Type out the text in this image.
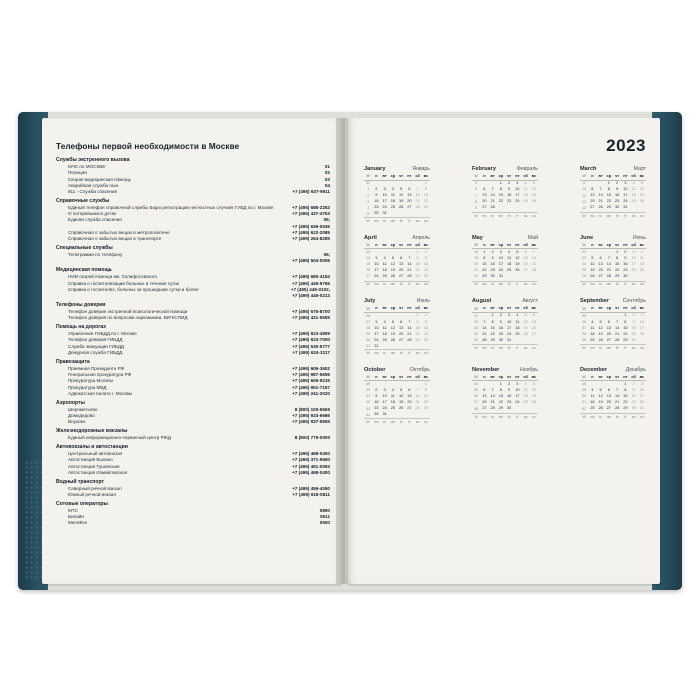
Телефоны первой необходимости в Москве
Службы экстренного вызова
МЧС по МОСКВЕ	01
Полиция	02
Скорая медицинская помощь	03
Аварийная служба газа	04
911 - Служба спасения	+7 (495) 937-9911
Справочные службы
Единый телефон справочной службы Бюро регистрации несчастных случаев ГУВД по г. Москве	+7 (495) 688-2252
О потерявшихся детях	+7 (495) 437-4753
Единая служба спасения	09,
+7 (495) 636-0636
Справочная о забытых вещах в метрополитене	+7 (495) 622-2085
Справочная о забытых вещах в транспорте	+7 (499) 264-8285
Специальные службы
Телеграмма по телефону	06,
+7 (495) 504-0006
Медицинская помощь
НИИ скорой помощи им. Склифосовского	+7 (495) 680-4154
Справка о госпитализации больных в течение суток	+7 (495) 445-5766
Справка о госпиталях, больных за прошедшие сутки и более	+7 (495) 445-0102,
+7 (499) 445-0213
Телефоны доверия
Телефон доверия экстренной психологической помощи	+7 (495) 575-8700
Телефон доверия по вопросам наркомании, ВИЧ/СПИД	+7 (495) 421-5555
Помощь на дорогах
Управление ГИБДД по г. Москве	+7 (495) 623-4909
Телефон доверия ГИБДД	+7 (495) 623-7000
Служба эвакуации ГИБДД	+7 (495) 530-5777
Дежурная служба ГИБДД	+7 (495) 624-3117
Правозащита
Приемная Президента РФ	+7 (495) 606-3602
Генеральная прокуратура РФ	+7 (495) 987-5656
Прокуратура Москвы	+7 (495) 606-9215
Прокуратура МВД	+7 (495) 951-7197
Адвокатская палата г. Москвы	+7 (499) 241-2020
Аэропорты
Шереметьево	8 (800) 100-6565
Домодедово	+7 (495) 933-6666
Внуково	+7 (495) 937-5555
Железнодорожные вокзалы
Единый информационно-сервисный центр РЖД	8 (800) 775-0000
Автовокзалы и автостанции
Центральный автовокзал	+7 (495) 468-0400
Автостанция Выхино	+7 (495) 371-9660
Автостанция Тушинская	+7 (495) 491-0093
Автостанция Измайловская	+7 (495) 468-0400
Водный транспорт
Северный речной вокзал	+7 (495) 459-4050
Южный речной вокзал	+7 (499) 618-0811
Сотовые операторы
МТС	0890
Билайн	0611
МегаФон	0500
2023
January	Январь
W	н	вт	ср	чт	пт	сб	вс
52							1
1	2	3	4	5	6	7	8
2	9	10	11	12	13	14	15
3	16	17	18	19	20	21	22
4	23	24	25	26	27	28	29
5	30	31					
W	mo	tu	we	th	fr	sa	su
February	Февраль
W	н	вт	ср	чт	пт	сб	вс
5			1	2	3	4	5
6	6	7	8	9	10	11	12
7	13	14	15	16	17	18	19
8	20	21	22	23	24	25	26
9	27	28					

W	mo	tu	we	th	fr	sa	su
March	Март
W	н	вт	ср	чт	пт	сб	вс
9			1	2	3	4	5
10	6	7	8	9	10	11	12
11	13	14	15	16	17	18	19
12	20	21	22	23	24	25	26
13	27	28	29	30	31		

W	mo	tu	we	th	fr	sa	su
April	Апрель
W	н	вт	ср	чт	пт	сб	вс
13						1	2
14	3	4	5	6	7	8	9
15	10	11	12	13	14	15	16
16	17	18	19	20	21	22	23
17	24	25	26	27	28	29	30

W	mo	tu	we	th	fr	sa	su
May	Май
W	н	вт	ср	чт	пт	сб	вс
18	1	2	3	4	5	6	7
19	8	9	10	11	12	13	14
20	15	16	17	18	19	20	21
21	22	23	24	25	26	27	28
22	29	30	31				

W	mo	tu	we	th	fr	sa	su
June	Июнь
W	н	вт	ср	чт	пт	сб	вс
22				1	2	3	4
23	5	6	7	8	9	10	11
24	12	13	14	15	16	17	18
25	19	20	21	22	23	24	25
26	26	27	28	29	30		

W	mo	tu	we	th	fr	sa	su
July	Июль
W	н	вт	ср	чт	пт	сб	вс
26						1	2
27	3	4	5	6	7	8	9
28	10	11	12	13	14	15	16
29	17	18	19	20	21	22	23
30	24	25	26	27	28	29	30
31	31						
W	mo	tu	we	th	fr	sa	su
August	Август
W	н	вт	ср	чт	пт	сб	вс
31		1	2	3	4	5	6
32	7	8	9	10	11	12	13
33	14	15	16	17	18	19	20
34	21	22	23	24	25	26	27
35	28	29	30	31			

W	mo	tu	we	th	fr	sa	su
September	Сентябрь
W	н	вт	ср	чт	пт	сб	вс
35					1	2	3
36	4	5	6	7	8	9	10
37	11	12	13	14	15	16	17
38	18	19	20	21	22	23	24
39	25	26	27	28	29	30	

W	mo	tu	we	th	fr	sa	su
October	Октябрь
W	н	вт	ср	чт	пт	сб	вс
39							1
40	2	3	4	5	6	7	8
41	9	10	11	12	13	14	15
42	16	17	18	19	20	21	22
43	23	24	25	26	27	28	29
44	30	31					
W	mo	tu	we	th	fr	sa	su
November	Ноябрь
W	н	вт	ср	чт	пт	сб	вс
44			1	2	3	4	5
45	6	7	8	9	10	11	12
46	13	14	15	16	17	18	19
47	20	21	22	23	24	25	26
48	27	28	29	30			

W	mo	tu	we	th	fr	sa	su
December	Декабрь
W	н	вт	ср	чт	пт	сб	вс
48					1	2	3
49	4	5	6	7	8	9	10
50	11	12	13	14	15	16	17
51	18	19	20	21	22	23	24
52	25	26	27	28	29	30	31

W	mo	tu	we	th	fr	sa	su
